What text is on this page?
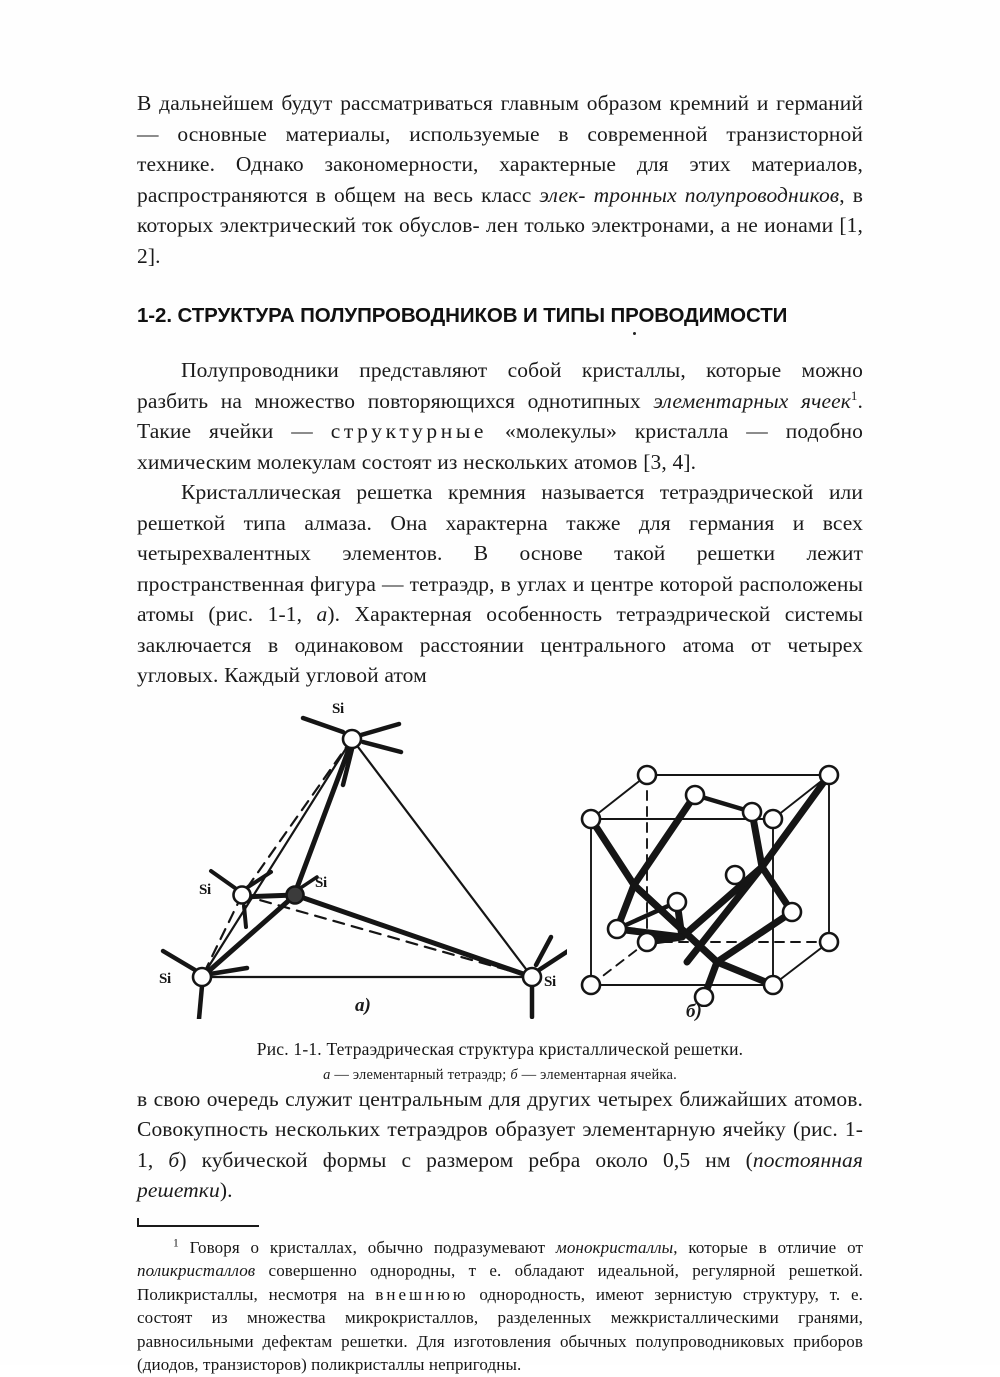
В дальнейшем будут рассматриваться главным образом кремний и германий — основные материалы, используемые в современной транзисторной технике. Однако закономерности, характерные для этих материалов, распространяются в общем на весь класс элек- тронных полупроводников, в которых электрический ток обуслов- лен только электронами, а не ионами [1, 2].

1-2. СТРУКТУРА ПОЛУПРОВОДНИКОВ И ТИПЫ ПРОВОДИМОСТИ

Полупроводники представляют собой кристаллы, которые можно разбить на множество повторяющихся однотипных элементарных ячеек$^1$. Такие ячейки — структурные «молекулы» кристалла — подобно химическим молекулам состоят из нескольких атомов [3, 4].

Кристаллическая решетка кремния называется тетраэдрической или решеткой типа алмаза. Она характерна также для германия и всех четырехвалентных элементов. В основе такой решетки лежит пространственная фигура — тетраэдр, в углах и центре которой расположены атомы (рис. 1-1, а). Характерная особенность тетраэдрической системы заключается в одинаковом расстоянии центрального атома от четырех угловых. Каждый угловой атом

Si
Si	Si
Si	Si
а)	б)
Рис. 1-1. Тетраэдрическая структура кристаллической решетки.
а — элементарный тетраэдр; б — элементарная ячейка.

в свою очередь служит центральным для других четырех ближайших атомов. Совокупность нескольких тетраэдров образует элементарную ячейку (рис. 1-1, б) кубической формы с размером ребра около 0,5 нм (постоянная решетки).

$^1$ Говоря о кристаллах, обычно подразумевают монокристаллы, которые в отличие от поликристаллов совершенно однородны, т е. обладают идеальной, регулярной решеткой. Поликристаллы, несмотря на внешнюю однородность, имеют зернистую структуру, т. е. состоят из множества микрокристаллов, разделенных межкристаллическими гранями, равносильными дефектам решетки. Для изготовления обычных полупроводниковых приборов (диодов, транзисторов) поликристаллы непригодны.
